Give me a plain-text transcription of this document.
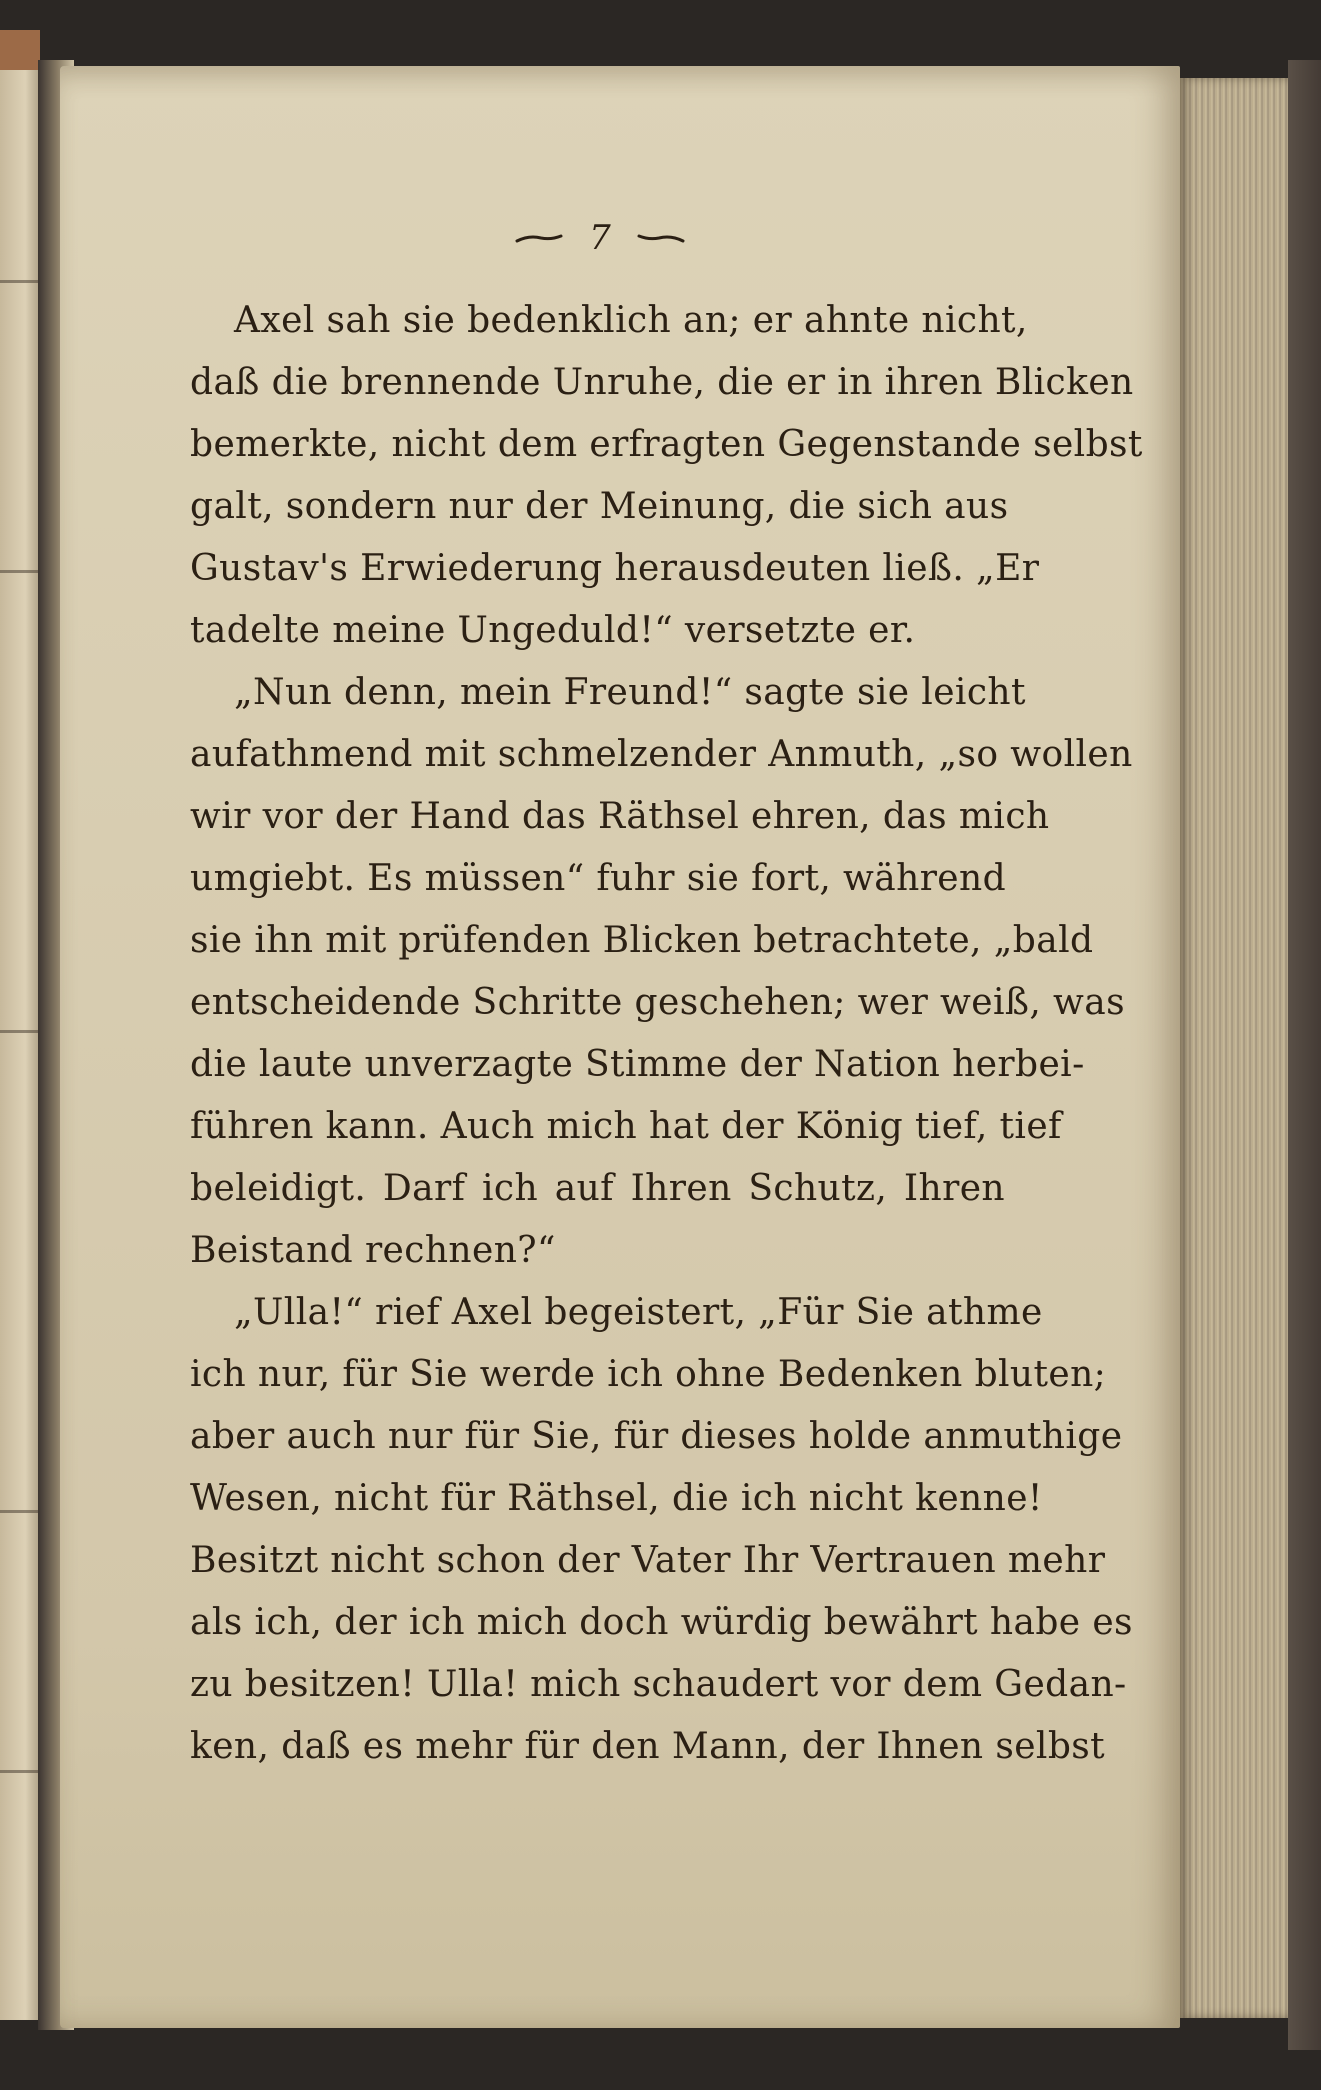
7
Axel sah sie bedenklich an; er ahnte nicht,
daß die brennende Unruhe, die er in ihren Blicken
bemerkte, nicht dem erfragten Gegenstande selbst
galt, sondern nur der Meinung, die sich aus
Gustav's Erwiederung herausdeuten ließ. „Er
tadelte meine Ungeduld!“ versetzte er.
„Nun denn, mein Freund!“ sagte sie leicht
aufathmend mit schmelzender Anmuth, „so wollen
wir vor der Hand das Räthsel ehren, das mich
umgiebt. Es müssen“ fuhr sie fort, während
sie ihn mit prüfenden Blicken betrachtete, „bald
entscheidende Schritte geschehen; wer weiß, was
die laute unverzagte Stimme der Nation herbei-
führen kann. Auch mich hat der König tief, tief
beleidigt. Darf ich auf Ihren Schutz, Ihren
Beistand rechnen?“
„Ulla!“ rief Axel begeistert, „Für Sie athme
ich nur, für Sie werde ich ohne Bedenken bluten;
aber auch nur für Sie, für dieses holde anmuthige
Wesen, nicht für Räthsel, die ich nicht kenne!
Besitzt nicht schon der Vater Ihr Vertrauen mehr
als ich, der ich mich doch würdig bewährt habe es
zu besitzen! Ulla! mich schaudert vor dem Gedan-
ken, daß es mehr für den Mann, der Ihnen selbst
